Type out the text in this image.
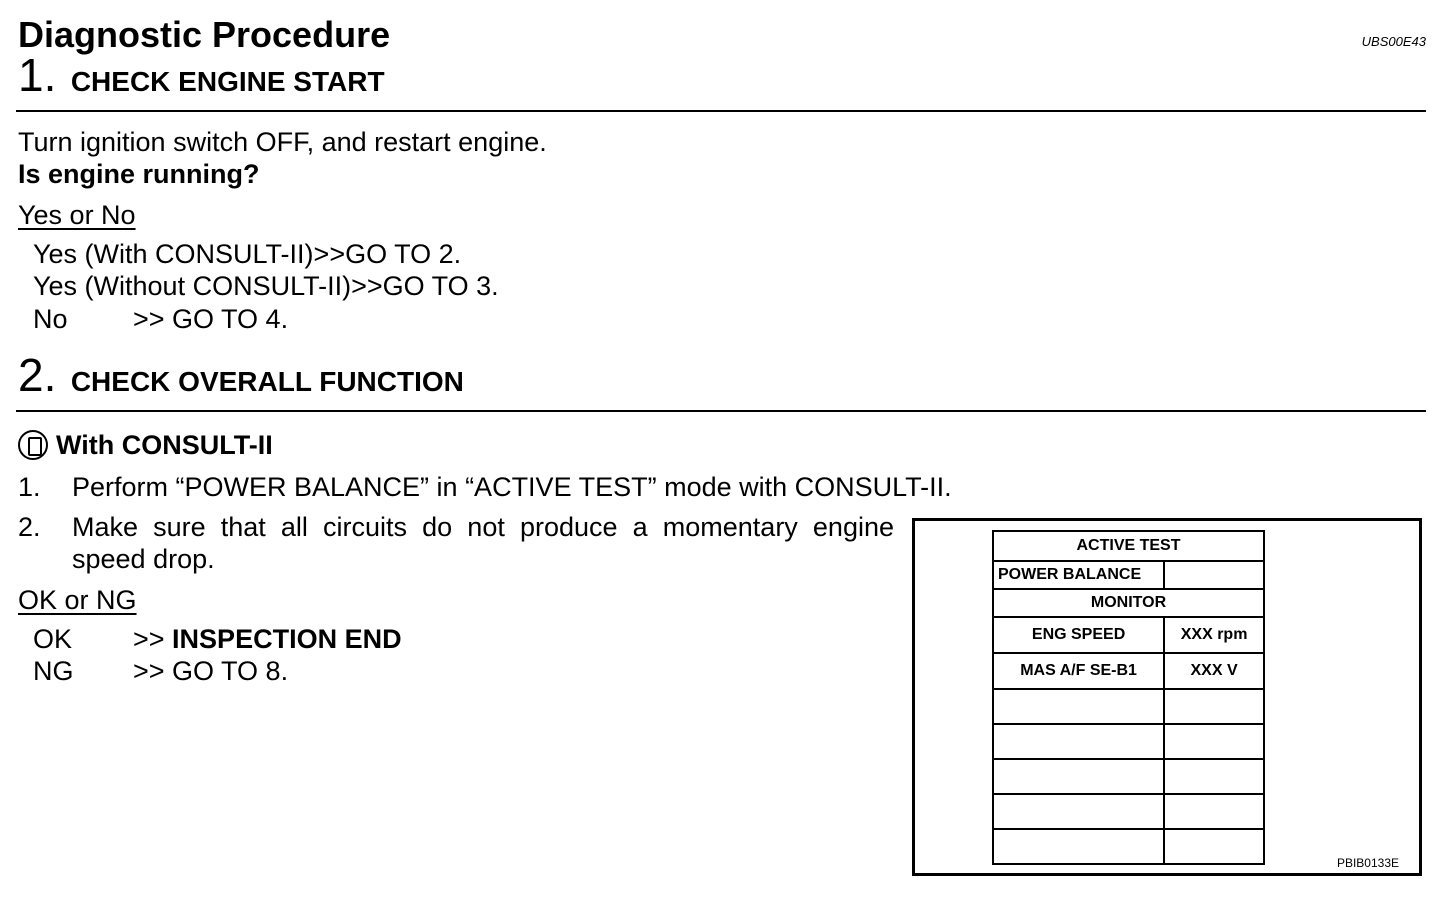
Diagnostic Procedure	UBS00E43
1. CHECK ENGINE START
Turn ignition switch OFF, and restart engine.
Is engine running?
Yes or No
Yes (With CONSULT-II)>>GO TO 2.
Yes (Without CONSULT-II)>>GO TO 3.
No >> GO TO 4.
2. CHECK OVERALL FUNCTION
With CONSULT-II
1. Perform “POWER BALANCE” in “ACTIVE TEST” mode with CONSULT-II.
2. Make sure that all circuits do not produce a momentary engine
speed drop.
OK or NG
OK >> INSPECTION END
NG >> GO TO 8.
ACTIVE TEST	
POWER BALANCE	
MONITOR	
ENG SPEED	XXX rpm
MAS A/F SE-B1	XXX V

PBIB0133E
